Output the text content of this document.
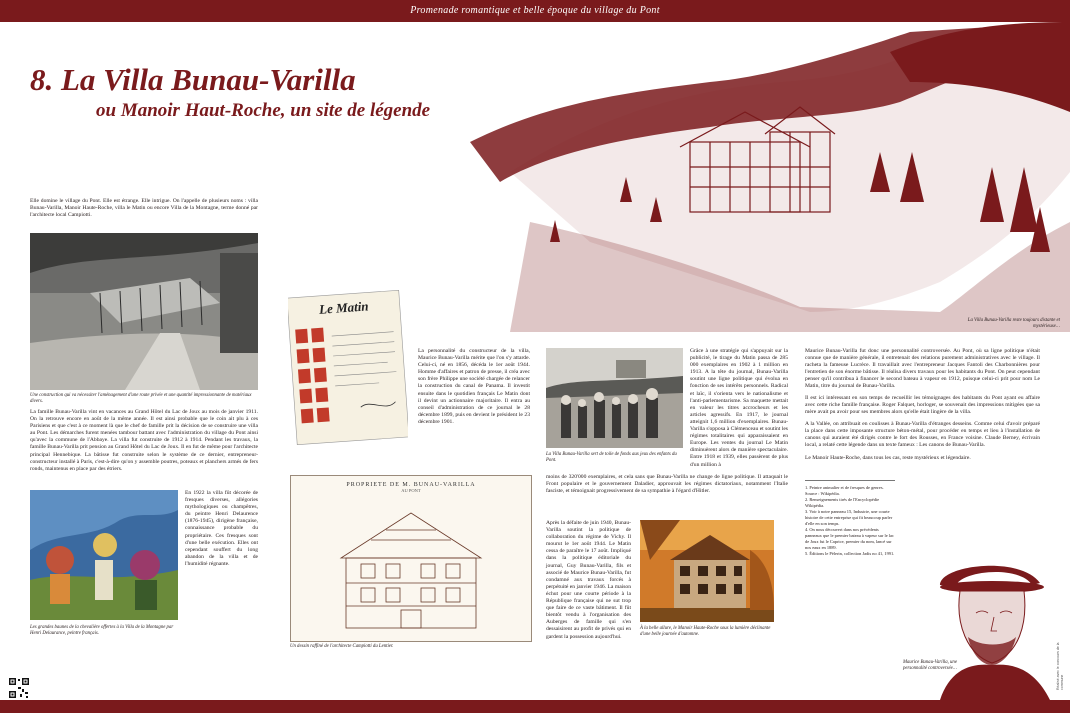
Promenade romantique et belle époque du village du Pont
8. La Villa Bunau-Varilla
ou Manoir Haut-Roche, un site de légende
La Villa Bunau-Varilla reste toujours distante et mystérieuse…
Elle domine le village du Pont. Elle est étrange. Elle intrigue. On l'appelle de plusieurs noms : villa Bunau-Varilla, Manoir Haute-Roche, villa le Matin ou encore Villa de la Montagne, terme donné par l'architecte local Campiotti.
Une construction qui va nécessiter l'aménagement d'une route privée et une quantité impressionnante de matériaux divers.
La famille Bunau-Varilla vint en vacances au Grand Hôtel du Lac de Joux au mois de janvier 1911. On la retrouve encore en août de la même année. Il est ainsi probable que le coin ait plu à ces Parisiens et que c'est à ce moment là que le chef de famille prit la décision de se construire une villa au Pont. Les démarches furent menées tambour battant avec l'administration du village du Pont ainsi qu'avec la commune de l'Abbaye. La villa fut construite de 1912 à 1914. Pendant les travaux, la famille Bunau-Varilla prit pension au Grand Hôtel du Lac de Joux. Il en fut de même pour l'architecte principal Hennebique. La bâtisse fut construite selon le système de ce dernier, entrepreneur-constructeur installé à Paris, c'est-à-dire qu'on y assemble poutres, poteaux et planchers armés de fers ronds, maintenus en place par des étriers.
Les grandes baunes de la chevalière offertes à la Villa de la Montagne par Henri Delaurance, peintre français.
En 1922 la villa fût décorée de fresques diverses, allégories mythologiques ou champêtres, du peintre Henri Delaurence (1876-1945), dirigène française, connaissance probable du propriétaire. Ces fresques sont d'une belle exécution. Elles ont cependant souffert du long abandon de la villa et de l'humidité régnante.
Le Matin
La personnalité du constructeur de la villa, Maurice Bunau-Varilla mérite que l'on s'y attarde. Celui-ci, né en 1856, décéda le 1er août 1944. Homme d'affaires et patron de presse, il créa avec son frère Philippe une société chargée de relancer la construction du canal de Panama. Il investit ensuite dans le quotidien français Le Matin dont il devint un actionnaire majoritaire. Il entra au conseil d'administration de ce journal le 28 décembre 1899, puis en devient le président le 23 décembre 1901.
PROPRIETE DE M. BUNAU-VARILLA
AU PONT
Un dessin raffiné de l'architecte Campiotti du Lentier.
La Villa Bunau-Varilla sert de toile de fonds aux jeux des enfants du Pont.
Grâce à une stratégie qui s'appuyait sur la publicité, le tirage du Matin passa de 285 000 exemplaires en 1902 à 1 million en 1913. A la tête du journal, Bunau-Varilla soutint une ligne politique qui évolua en fonction de ses intérêts personnels. Radical et laïc, il s'orienta vers le nationalisme et l'anti-parlementarisme. Sa maquette mettait en valeur les titres accrocheurs et les articles agressifs. En 1917, le journal atteignit 1,6 million d'exemplaires. Bunau-Varilla s'opposa à Clémenceau et soutint les régimes totalitaires qui apparaissaient en Europe. Les ventes du journal Le Matin diminuèrent alors de manière spectaculaire. Entre 1918 et 1939, elles passèrent de plus d'un million à
moins de 320'000 exemplaires, et cela sans que Bunau-Varilla ne change de ligne politique. Il attaquait le Front populaire et le gouvernement Daladier, approuvait les régimes dictatoriaux, notamment l'Italie fasciste, et témoignait progressivement de sa sympathie à l'égard d'Hitler.
Après la défaite de juin 1940, Bunau-Varilla soutint la politique de collaboration du régime de Vichy. Il mourut le 1er août 1944. Le Matin cessa de paraître le 17 août. Impliqué dans la politique éditoriale du journal, Guy Bunau-Varilla, fils et associé de Maurice Bunau-Varilla, fut condamné aux travaux forcés à perpétuité en janvier 1946. La maison échut pour une courte période à la République française qui ne sut trop que faire de ce vaste bâtiment. Il fût bientôt vendu à l'organisation des Auberges de famille qui s'en dessaisirent au profit de privés qui en gardent la possession aujourd'hui.
À la belle allure, le Manoir Haute-Roche sous la lumière déclinante d'une belle journée d'automne.
Maurice Bunau-Varilla fut donc une personnalité controversée. Au Pont, où sa ligne politique n'était connue que de manière générale, il entretenait des relations purement administratives avec le village. Il racheta la fameuse Lucrèce. Il travaillait avec l'entrepreneur Jacques Fantoli des Charbonnières pour l'entretien de son énorme bâtisse. Il réalisa divers travaux pour les habitants du Pont. On peut cependant penser qu'il contribua à financer le second bateau à vapeur en 1912, puisque celui-ci prit pour nom Le Matin, titre du journal de Bunau-Varilla.
Il est ici intéressant en son temps de recueillir les témoignages des habitants du Pont ayant eu affaire avec cette riche famille française. Roger Falquet, horloger, se souvenait des impressions mitigées que sa mère avait pu avoir pour ses membres alors qu'elle était lingère de la villa.
A la Vallée, on attribuait en coulisses à Bunau-Varilla d'étranges desseins. Comme celui d'avoir préparé la place dans cette imposante structure béton-métal, pour procéder en temps et lieu à l'installation de canons qui auraient été dirigés contre le fort des Rousses, en France voisine. Claude Berney, écrivain local, a relaté cette légende dans un texte fameux : Les canons de Bunau-Varilla.
Le Manoir Haute-Roche, dans tous les cas, reste mystérieux et légendaire.
1. Peintre animalier et de fresques de genres. Source : Wikipédia.
2. Renseignements tirés de l'Encyclopédie Wikipédia.
3. Voir à notre panneau 15, Industrie, une courte histoire de cette entreprise qui fit beaucoup parler d'elle en son temps.
4. On nous découvert dans nos précédents panneaux que le premier bateau à vapeur sur le lac de Joux fut le Caprice, premier du nom, lancé sur nos eaux en 1889.
5. Éditions le Pèlerin, collection Jadis no 41, 1991.
Maurice Bunau-Varilla, une personnalité controversée…	Réalisé avec le concours de la commune
